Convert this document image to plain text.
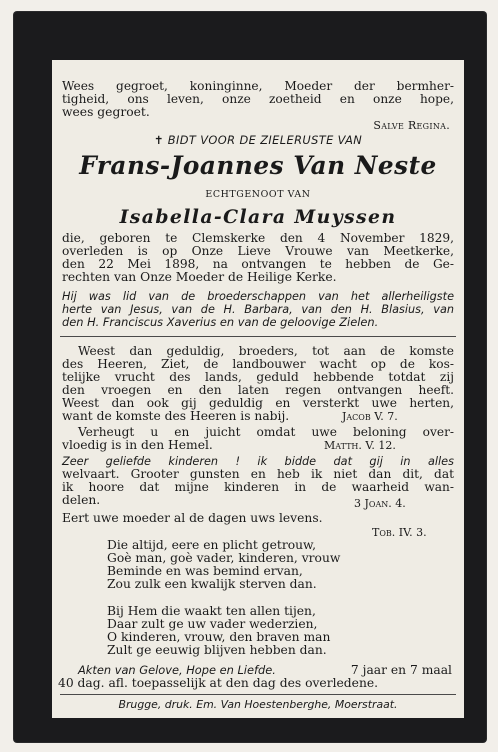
Wees gegroet, koninginne, Moeder der bermher-
tigheid, ons leven, onze zoetheid en onze hope,
wees gegroet.
Salve Regina.
✝ BIDT VOOR DE ZIELERUSTE VAN
Frans-Joannes Van Neste
ECHTGENOOT VAN
Isabella-Clara Muyssen
die, geboren te Clemskerke den 4 November 1829,
overleden is op Onze Lieve Vrouwe van Meetkerke,
den 22 Mei 1898, na ontvangen te hebben de Ge-
rechten van Onze Moeder de Heilige Kerke.
Hij was lid van de broederschappen van het allerheiligste
herte van Jesus, van de H. Barbara, van den H. Blasius, van
den H. Franciscus Xaverius en van de geloovige Zielen.
Weest dan geduldig, broeders, tot aan de komste
des Heeren, Ziet, de landbouwer wacht op de kos-
telijke vrucht des lands, geduld hebbende totdat zij
den vroegen en den laten regen ontvangen heeft.
Weest dan ook gij geduldig en versterkt uwe herten,
want de komste des Heeren is nabij.	Jacob V. 7.
Verheugt u en juicht omdat uwe beloning over-
vloedig is in den Hemel.	Matth. V. 12.
Zeer geliefde kinderen ! ik bidde dat gij in alles
welvaart. Grooter gunsten en heb ik niet dan dit, dat
ik hoore dat mijne kinderen in de waarheid wan-
delen.	3 Joan. 4.
Eert uwe moeder al de dagen uws levens.
Tob. IV. 3.
Die altijd, eere en plicht getrouw,
Goè man, goè vader, kinderen, vrouw
Beminde en was bemind ervan,
Zou zulk een kwalijk sterven dan.
Bij Hem die waakt ten allen tijen,
Daar zult ge uw vader wederzien,
O kinderen, vrouw, den braven man
Zult ge eeuwig blijven hebben dan.
Akten van Gelove, Hope en Liefde.	7 jaar en 7 maal
40 dag. afl. toepasselijk at den dag des overledene.
Brugge, druk. Em. Van Hoestenberghe, Moerstraat.
